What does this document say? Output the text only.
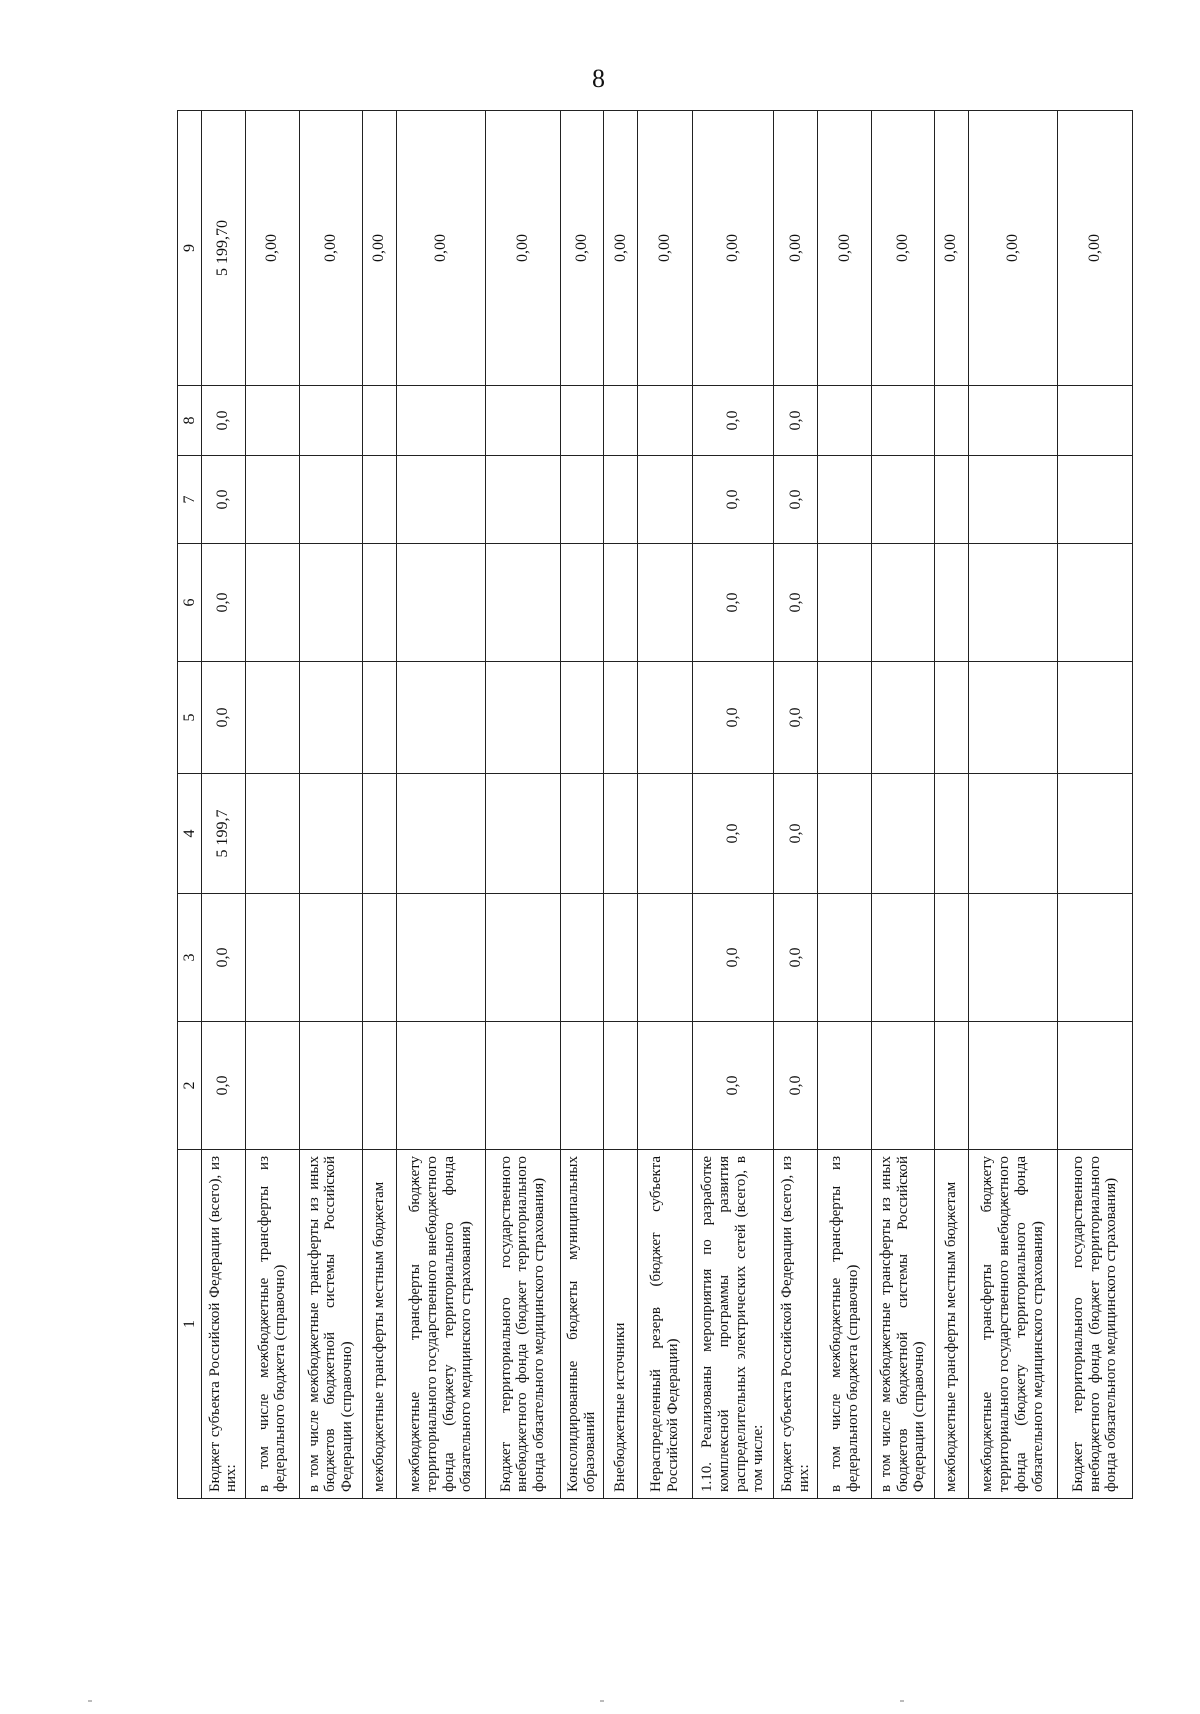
8
1	2	3	4	5	6	7	8	9
Бюджет субъекта Российской Федерации (всего), из них:	0,0	0,0	5 199,7	0,0	0,0	0,0	0,0	5 199,70
в том числе межбюджетные трансферты из федерального бюджета (справочно)								0,00
в том числе межбюджетные трансферты из иных бюджетов бюджетной системы Российской Федерации (справочно)								0,00
межбюджетные трансферты местным бюджетам								0,00
межбюджетные трансферты бюджету территориального государственного внебюджетного фонда (бюджету территориального фонда обязательного медицинского страхования)								0,00
Бюджет территориального государственного внебюджетного фонда (бюджет территориального фонда обязательного медицинского страхования)								0,00
Консолидированные бюджеты муниципальных образований								0,00
Внебюджетные источники								0,00
Нераспределенный резерв (бюджет субъекта Российской Федерации)								0,00
1.10. Реализованы мероприятия по разработке комплексной программы развития распределительных электрических сетей (всего), в том числе:	0,0	0,0	0,0	0,0	0,0	0,0	0,0	0,00
Бюджет субъекта Российской Федерации (всего), из них:	0,0	0,0	0,0	0,0	0,0	0,0	0,0	0,00
в том числе межбюджетные трансферты из федерального бюджета (справочно)								0,00
в том числе межбюджетные трансферты из иных бюджетов бюджетной системы Российской Федерации (справочно)								0,00
межбюджетные трансферты местным бюджетам								0,00
межбюджетные трансферты бюджету территориального государственного внебюджетного фонда (бюджету территориального фонда обязательного медицинского страхования)								0,00
Бюджет территориального государственного внебюджетного фонда (бюджет территориального фонда обязательного медицинского страхования)								0,00
